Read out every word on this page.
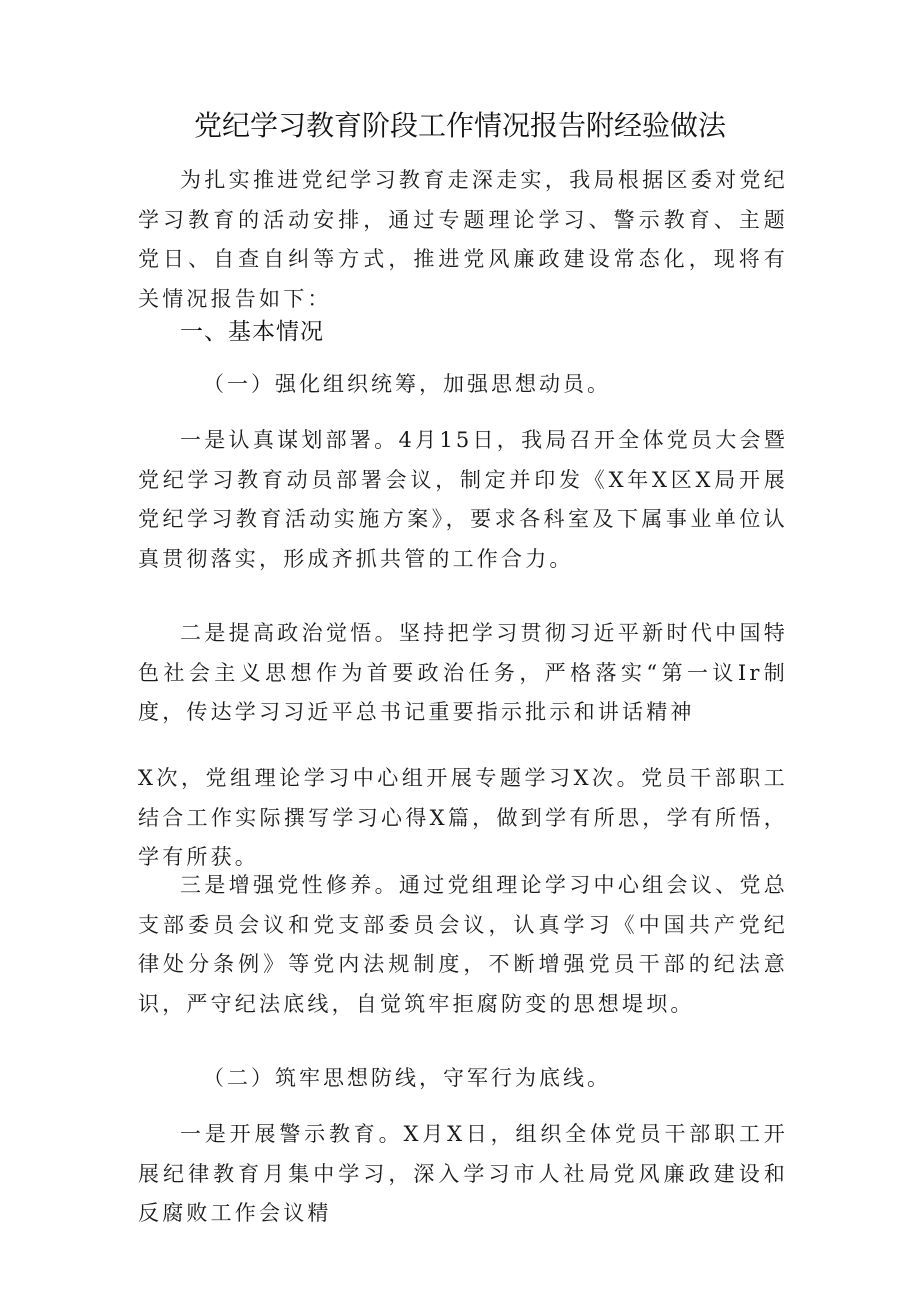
党纪学习教育阶段工作情况报告附经验做法

为扎实推进党纪学习教育走深走实，我局根据区委对党纪学习教育的活动安排，通过专题理论学习、警示教育、主题党日、自查自纠等方式，推进党风廉政建设常态化，现将有关情况报告如下：

一、基本情况
（一）强化组织统筹，加强思想动员。

一是认真谋划部署。4月15日，我局召开全体党员大会暨党纪学习教育动员部署会议，制定并印发《X年X区X局开展党纪学习教育活动实施方案》，要求各科室及下属事业单位认真贯彻落实，形成齐抓共管的工作合力。

二是提高政治觉悟。坚持把学习贯彻习近平新时代中国特色社会主义思想作为首要政治任务，严格落实“第一议Ir制度，传达学习习近平总书记重要指示批示和讲话精神

X次，党组理论学习中心组开展专题学习X次。党员干部职工结合工作实际撰写学习心得X篇，做到学有所思，学有所悟，学有所获。

三是增强党性修养。通过党组理论学习中心组会议、党总支部委员会议和党支部委员会议，认真学习《中国共产党纪律处分条例》等党内法规制度，不断增强党员干部的纪法意识，严守纪法底线，自觉筑牢拒腐防变的思想堤坝。

（二）筑牢思想防线，守军行为底线。

一是开展警示教育。X月X日，组织全体党员干部职工开展纪律教育月集中学习，深入学习市人社局党风廉政建设和反腐败工作会议精
